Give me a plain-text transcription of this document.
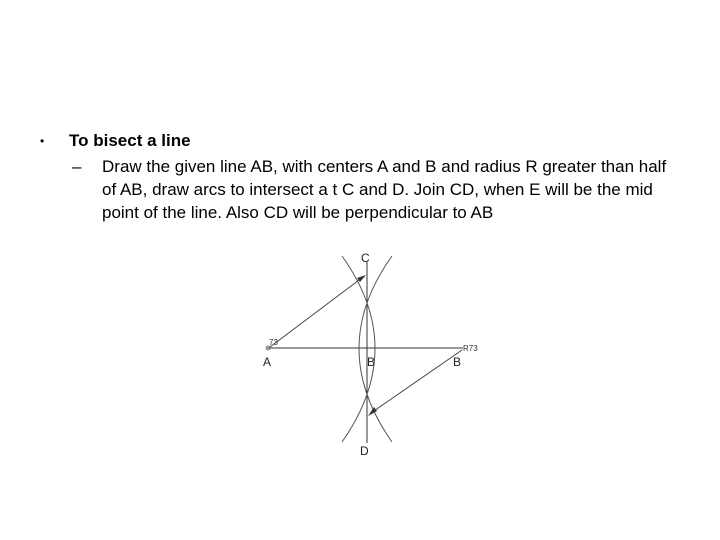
•	To bisect a line
–	Draw the given line AB, with centers A and B and radius R greater than half of AB, draw arcs to intersect a t C and D. Join CD, when E will be the mid point of the line. Also CD will be perpendicular to AB
C
A	B	B
D
R73
73
